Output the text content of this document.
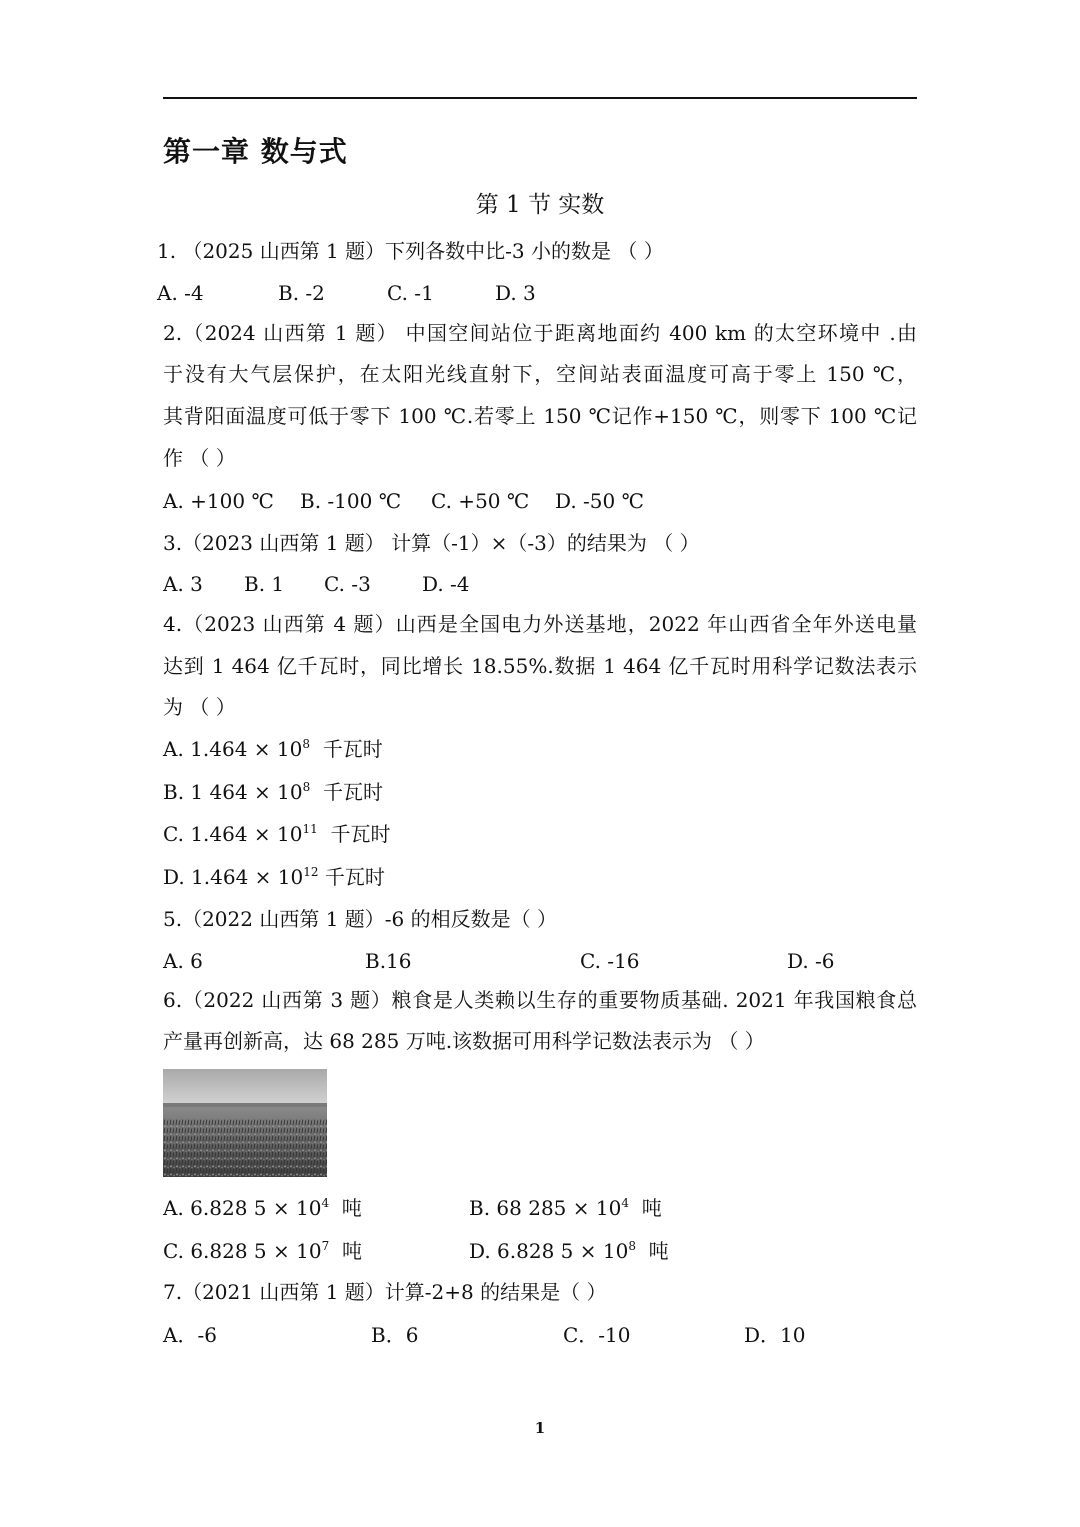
第一章 数与式
第 1 节 实数
1. （2025 山西第 1 题）下列各数中比-3 小的数是 （ ）
A. -4	B. -2	C. -1	D. 3
2.（2024 山西第 1 题） 中国空间站位于距离地面约 400 km 的太空环境中 .由
于没有大气层保护，在太阳光线直射下，空间站表面温度可高于零上 150 ℃，
其背阳面温度可低于零下 100 ℃.若零上 150 ℃记作+150 ℃，则零下 100 ℃记
作 （ ）
A. +100 ℃ B. -100 ℃ C. +50 ℃ D. -50 ℃
3.（2023 山西第 1 题） 计算（-1）×（-3）的结果为 （ ）
A. 3 B. 1 C. -3	D. -4
4.（2023 山西第 4 题）山西是全国电力外送基地，2022 年山西省全年外送电量
达到 1 464 亿千瓦时，同比增长 18.55%.数据 1 464 亿千瓦时用科学记数法表示
为 （ ）
A. $1.464 \times 10^8$ 千瓦时
B. 1 $464 \times 10^8$ 千瓦时
C. $1.464 \times 10^{11}$ 千瓦时
D. $1.464 \times 10^{12}$ 千瓦时
5.（2022 山西第 1 题）-6 的相反数是（ ）
A. 6	B.16	C. -16	D. -6
6.（2022 山西第 3 题）粮食是人类赖以生存的重要物质基础. 2021 年我国粮食总
产量再创新高，达 68 285 万吨.该数据可用科学记数法表示为 （ ）
A. 6.828 $5 \times 10^4$ 吨	B. 68 $285 \times 10^4$ 吨
C. 6.828 $5 \times 10^7$ 吨	D. 6.828 $5 \times 10^8$ 吨
7.（2021 山西第 1 题）计算-2+8 的结果是（ ）
A．-6	B．6	C．-10	D．10
1
